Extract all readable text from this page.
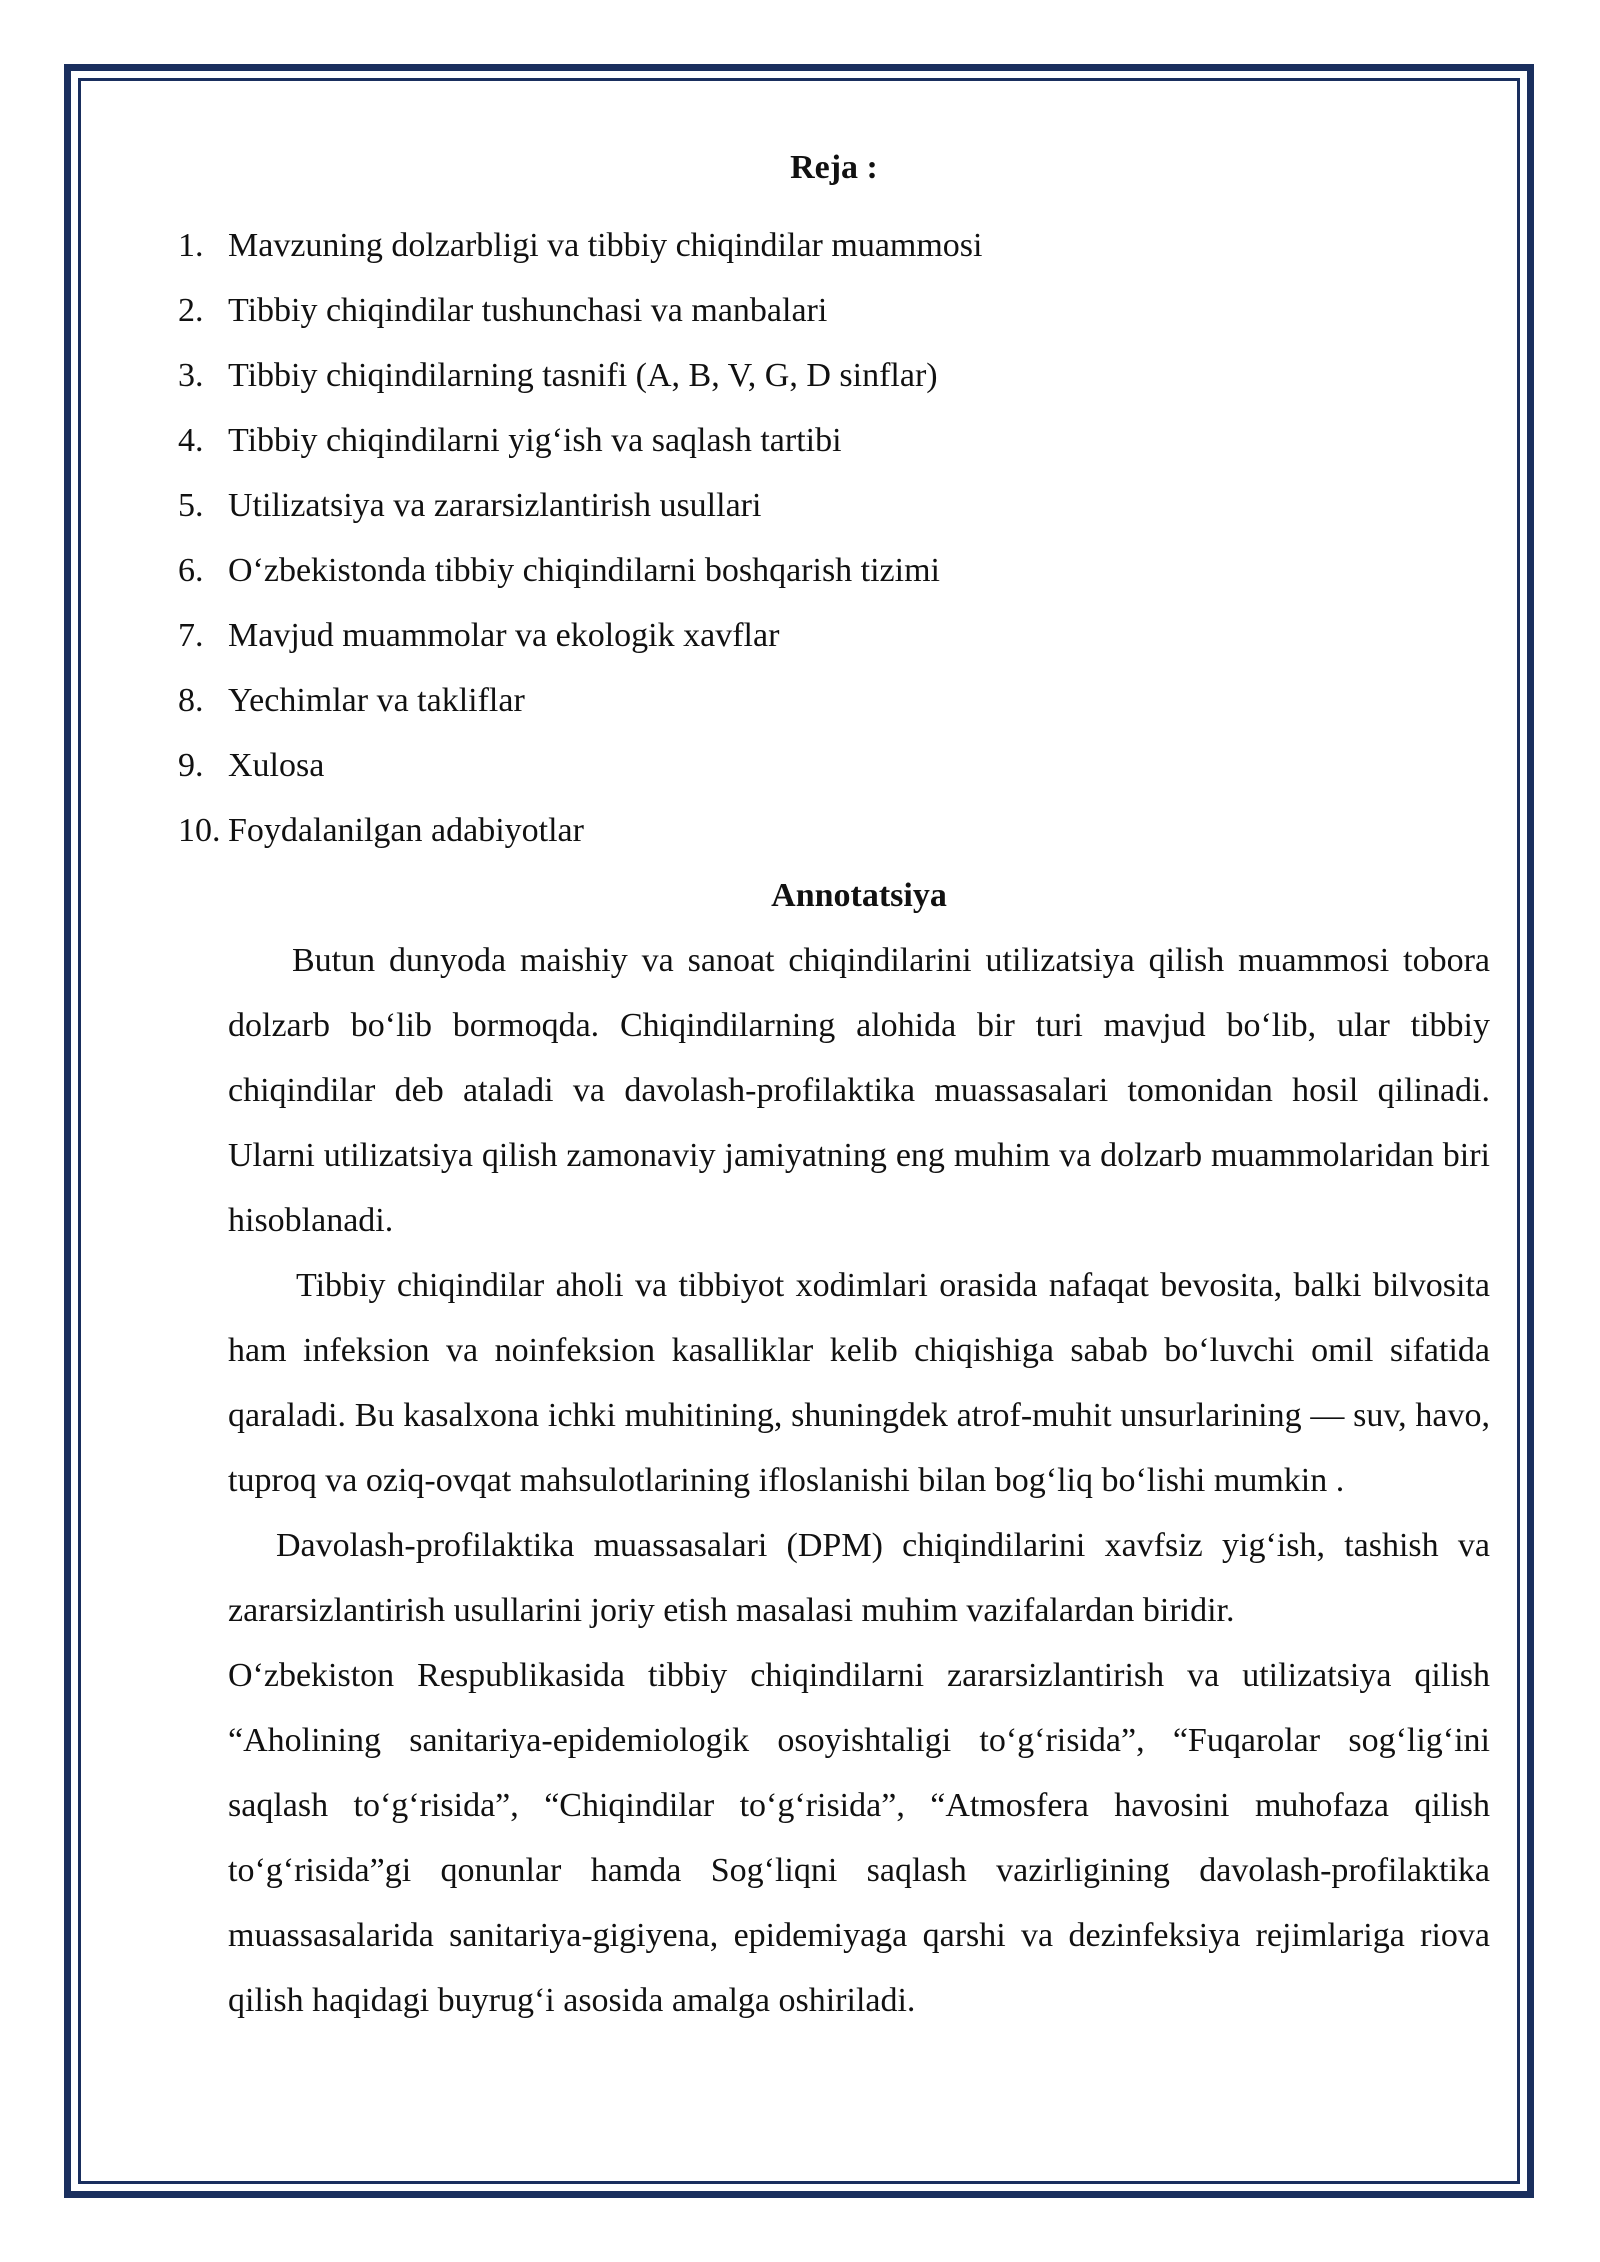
Reja :
1. Mavzuning dolzarbligi va tibbiy chiqindilar muammosi
2. Tibbiy chiqindilar tushunchasi va manbalari
3. Tibbiy chiqindilarning tasnifi (A, B, V, G, D sinflar)
4. Tibbiy chiqindilarni yig‘ish va saqlash tartibi
5. Utilizatsiya va zararsizlantirish usullari
6. O‘zbekistonda tibbiy chiqindilarni boshqarish tizimi
7. Mavjud muammolar va ekologik xavflar
8. Yechimlar va takliflar
9. Xulosa
10. Foydalanilgan adabiyotlar
Annotatsiya

Butun dunyoda maishiy va sanoat chiqindilarini utilizatsiya qilish muammosi tobora dolzarb bo‘lib bormoqda. Chiqindilarning alohida bir turi mavjud bo‘lib, ular tibbiy chiqindilar deb ataladi va davolash-profilaktika muassasalari tomonidan hosil qilinadi. Ularni utilizatsiya qilish zamonaviy jamiyatning eng muhim va dolzarb muammolaridan biri hisoblanadi.

Tibbiy chiqindilar aholi va tibbiyot xodimlari orasida nafaqat bevosita, balki bilvosita ham infeksion va noinfeksion kasalliklar kelib chiqishiga sabab bo‘luvchi omil sifatida qaraladi. Bu kasalxona ichki muhitining, shuningdek atrof-muhit unsurlarining — suv, havo, tuproq va oziq-ovqat mahsulotlarining ifloslanishi bilan bog‘liq bo‘lishi mumkin .

Davolash-profilaktika muassasalari (DPM) chiqindilarini xavfsiz yig‘ish, tashish va zararsizlantirish usullarini joriy etish masalasi muhim vazifalardan biridir.

O‘zbekiston Respublikasida tibbiy chiqindilarni zararsizlantirish va utilizatsiya qilish “Aholining sanitariya-epidemiologik osoyishtaligi to‘g‘risida”, “Fuqarolar sog‘lig‘ini saqlash to‘g‘risida”, “Chiqindilar to‘g‘risida”, “Atmosfera havosini muhofaza qilish to‘g‘risida”gi qonunlar hamda Sog‘liqni saqlash vazirligining davolash-profilaktika muassasalarida sanitariya-gigiyena, epidemiyaga qarshi va dezinfeksiya rejimlariga riova qilish haqidagi buyrug‘i asosida amalga oshiriladi.
